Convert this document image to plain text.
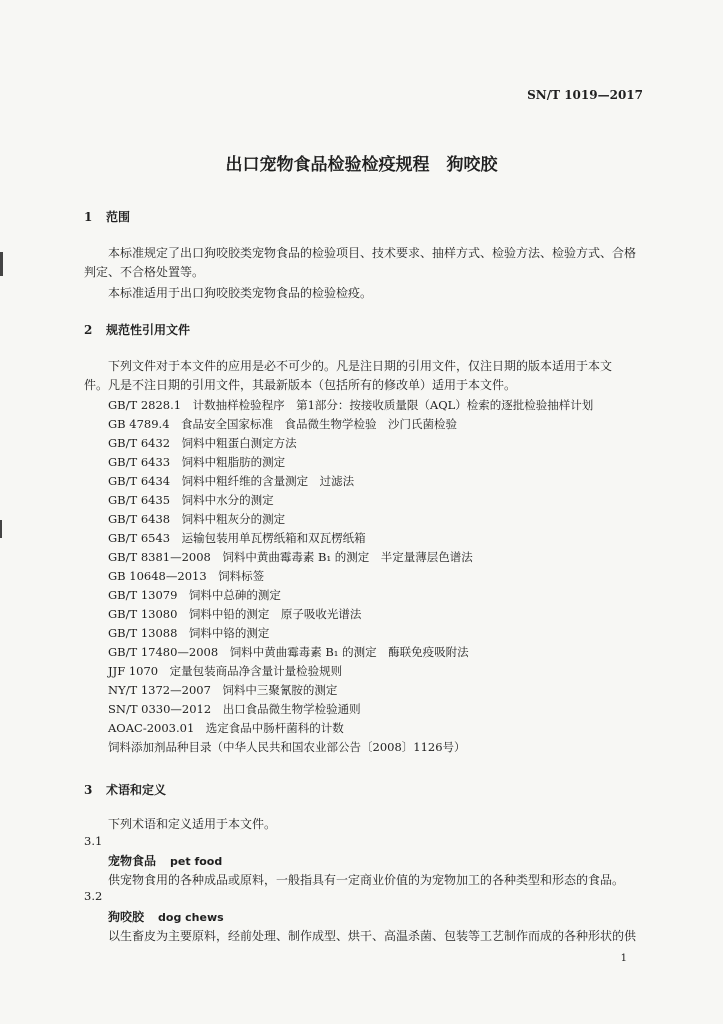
SN/T 1019—2017
出口宠物食品检验检疫规程　狗咬胶
1 范围
本标准规定了出口狗咬胶类宠物食品的检验项目、技术要求、抽样方式、检验方法、检验方式、合格
判定、不合格处置等。
本标准适用于出口狗咬胶类宠物食品的检验检疫。
2 规范性引用文件
下列文件对于本文件的应用是必不可少的。凡是注日期的引用文件，仅注日期的版本适用于本文
件。凡是不注日期的引用文件，其最新版本（包括所有的修改单）适用于本文件。
GB/T 2828.1　 计数抽样检验程序　第1部分：按接收质量限（AQL）检索的逐批检验抽样计划
GB 4789.4　 食品安全国家标准　食品微生物学检验　沙门氏菌检验
GB/T 6432　 饲料中粗蛋白测定方法
GB/T 6433　 饲料中粗脂肪的测定
GB/T 6434　 饲料中粗纤维的含量测定　过滤法
GB/T 6435　 饲料中水分的测定
GB/T 6438　 饲料中粗灰分的测定
GB/T 6543　 运输包装用单瓦楞纸箱和双瓦楞纸箱
GB/T 8381—2008　 饲料中黄曲霉毒素 B₁ 的测定　半定量薄层色谱法
GB 10648—2013　 饲料标签
GB/T 13079　 饲料中总砷的测定
GB/T 13080　 饲料中铅的测定　原子吸收光谱法
GB/T 13088　 饲料中铬的测定
GB/T 17480—2008　 饲料中黄曲霉毒素 B₁ 的测定　酶联免疫吸附法
JJF 1070　 定量包装商品净含量计量检验规则
NY/T 1372—2007　 饲料中三聚氰胺的测定
SN/T 0330—2012　 出口食品微生物学检验通则
AOAC-2003.01　 选定食品中肠杆菌科的计数
饲料添加剂品种目录（中华人民共和国农业部公告〔2008〕1126号）
3 术语和定义
下列术语和定义适用于本文件。
3.1
宠物食品 pet food
供宠物食用的各种成品或原料，一般指具有一定商业价值的为宠物加工的各种类型和形态的食品。
3.2
狗咬胶 dog chews
以生畜皮为主要原料，经前处理、制作成型、烘干、高温杀菌、包装等工艺制作而成的各种形状的供
1
